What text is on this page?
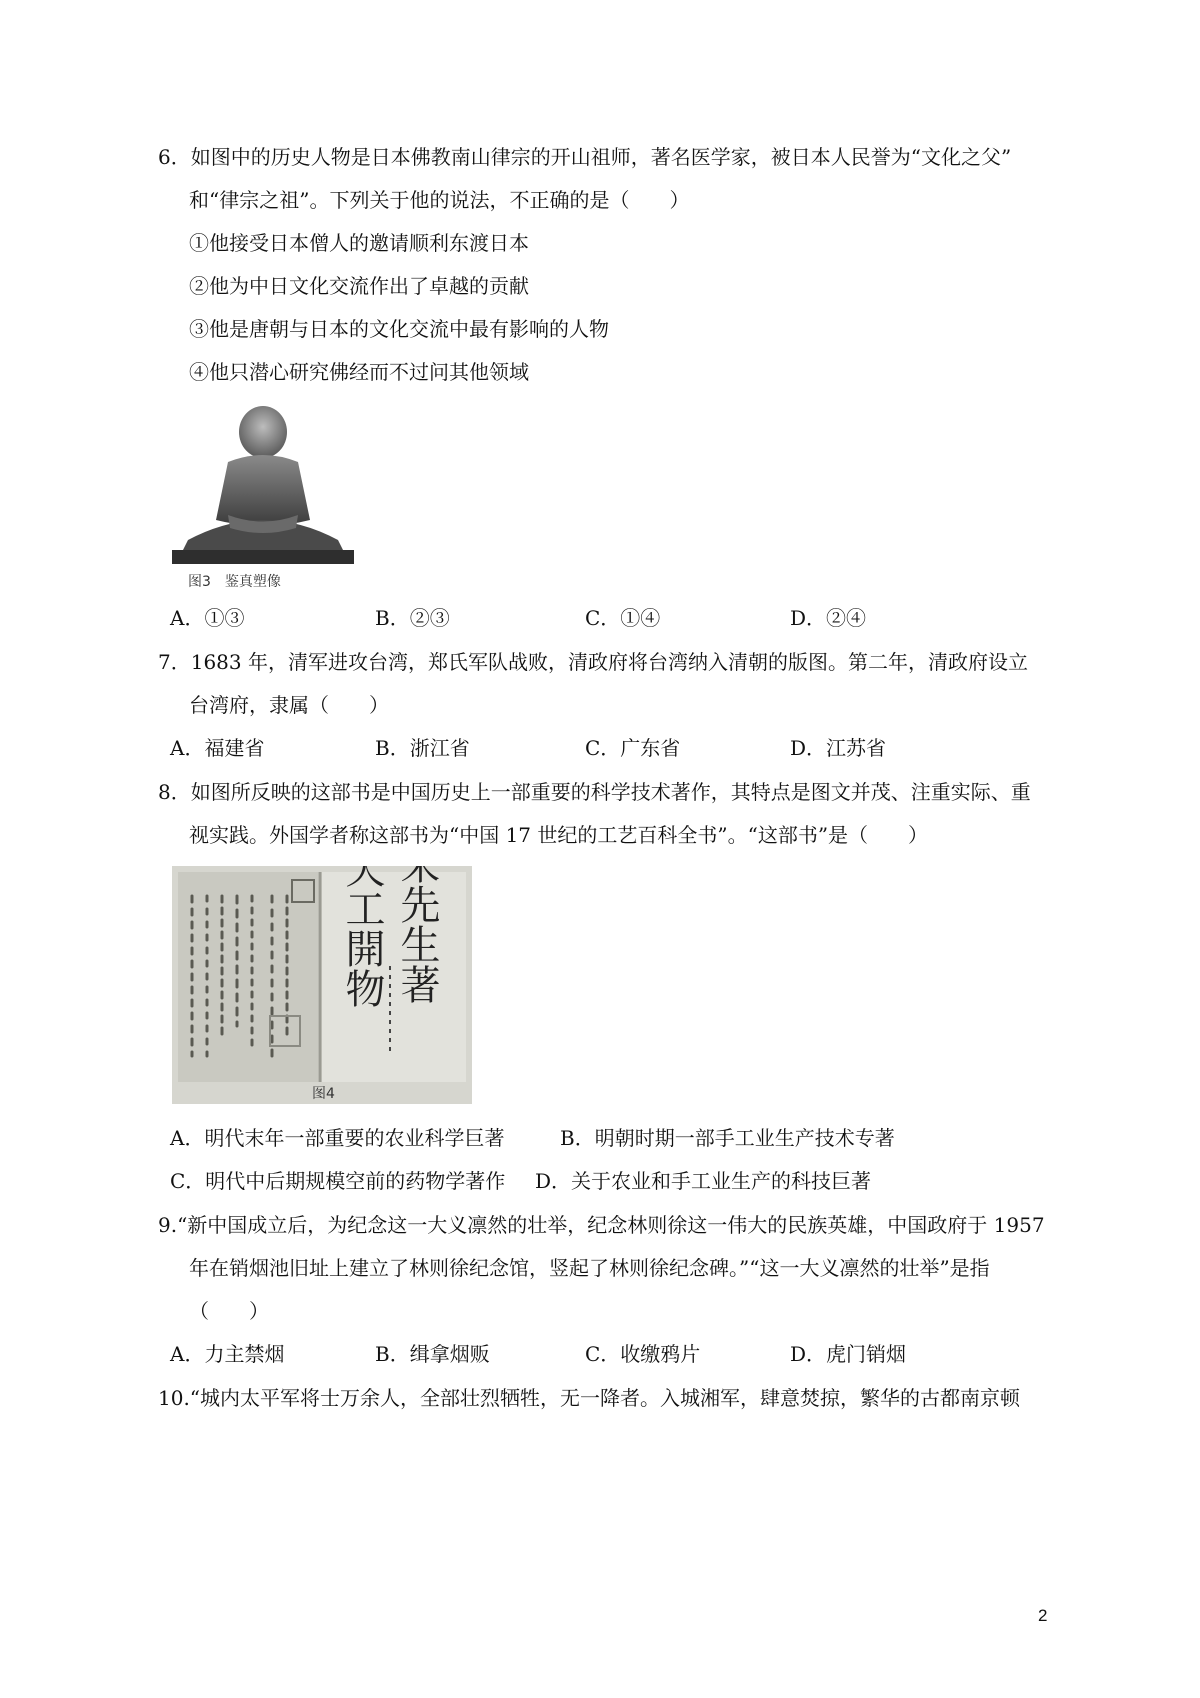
6．如图中的历史人物是日本佛教南山律宗的开山祖师，著名医学家，被日本人民誉为“文化之父”
和“律宗之祖”。下列关于他的说法，不正确的是（　　）
①他接受日本僧人的邀请顺利东渡日本
②他为中日文化交流作出了卓越的贡献
③他是唐朝与日本的文化交流中最有影响的人物
④他只潜心研究佛经而不过问其他领域
图3　鉴真塑像
A．①③	B．②③	C．①④	D．②④
7．1683 年，清军进攻台湾，郑氏军队战败，清政府将台湾纳入清朝的版图。第二年，清政府设立
台湾府，隶属（　　）
A．福建省	B．浙江省	C．广东省	D．江苏省
8．如图所反映的这部书是中国历史上一部重要的科学技术著作，其特点是图文并茂、注重实际、重
视实践。外国学者称这部书为“中国 17 世纪的工艺百科全书”。“这部书”是（　　）
宋先生著
天工開物
图4
A．明代末年一部重要的农业科学巨著	B．明朝时期一部手工业生产技术专著
C．明代中后期规模空前的药物学著作 D．关于农业和手工业生产的科技巨著
9.“新中国成立后，为纪念这一大义凛然的壮举，纪念林则徐这一伟大的民族英雄，中国政府于 1957
年在销烟池旧址上建立了林则徐纪念馆，竖起了林则徐纪念碑。”“这一大义凛然的壮举”是指
（　　）
A．力主禁烟	B．缉拿烟贩	C．收缴鸦片	D．虎门销烟
10.“城内太平军将士万余人，全部壮烈牺牲，无一降者。入城湘军，肆意焚掠，繁华的古都南京顿
2
